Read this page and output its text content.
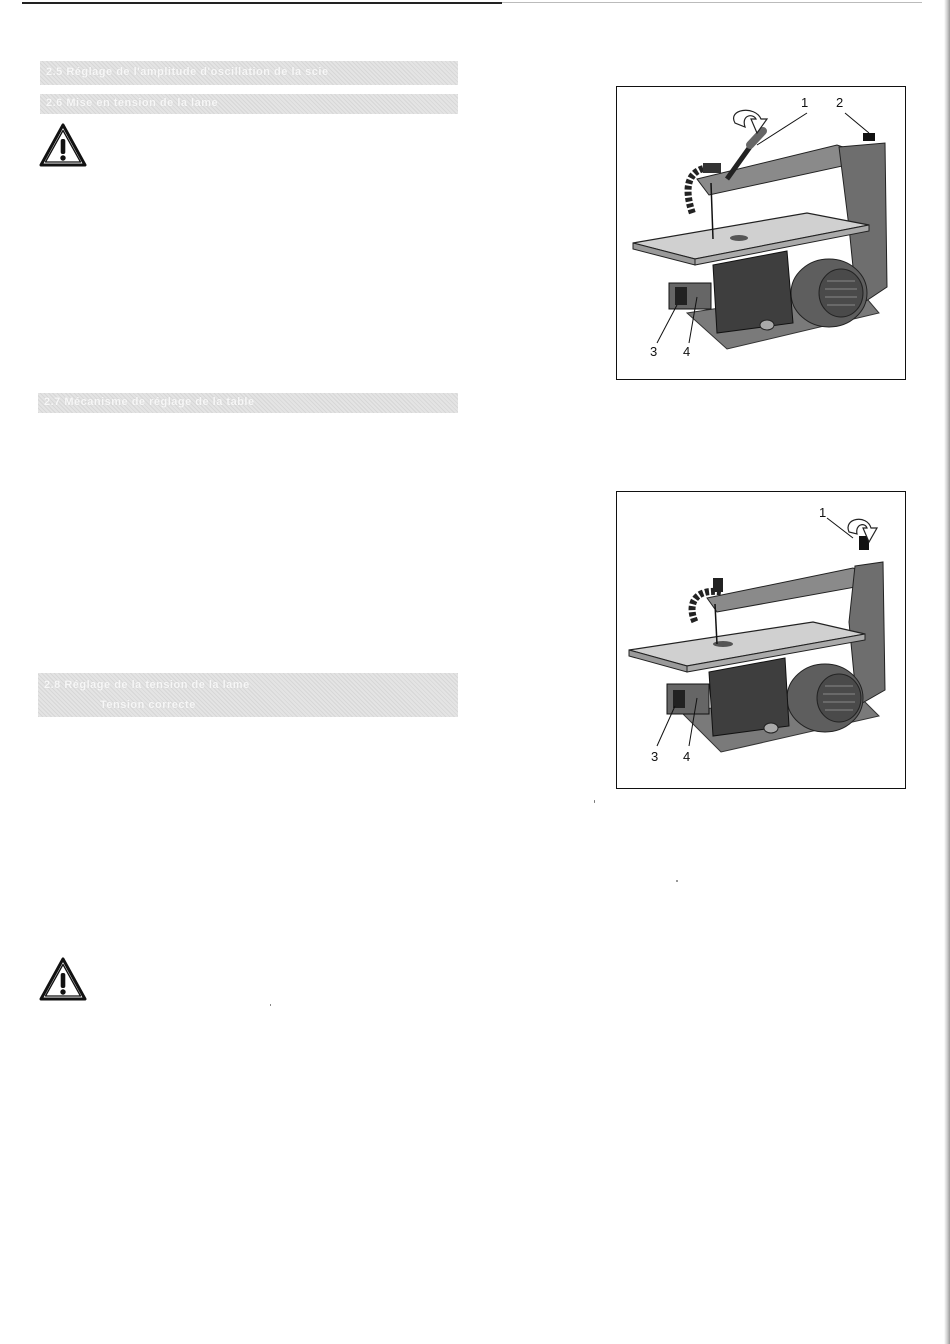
2.5 Réglage de l'amplitude d'oscillation de la scie
2.6 Mise en tension de la lame
2.7 Mécanisme de réglage de la table
2.8 Réglage de la tension de la lame
Tension correcte
1 2
3 4
1
3 4
